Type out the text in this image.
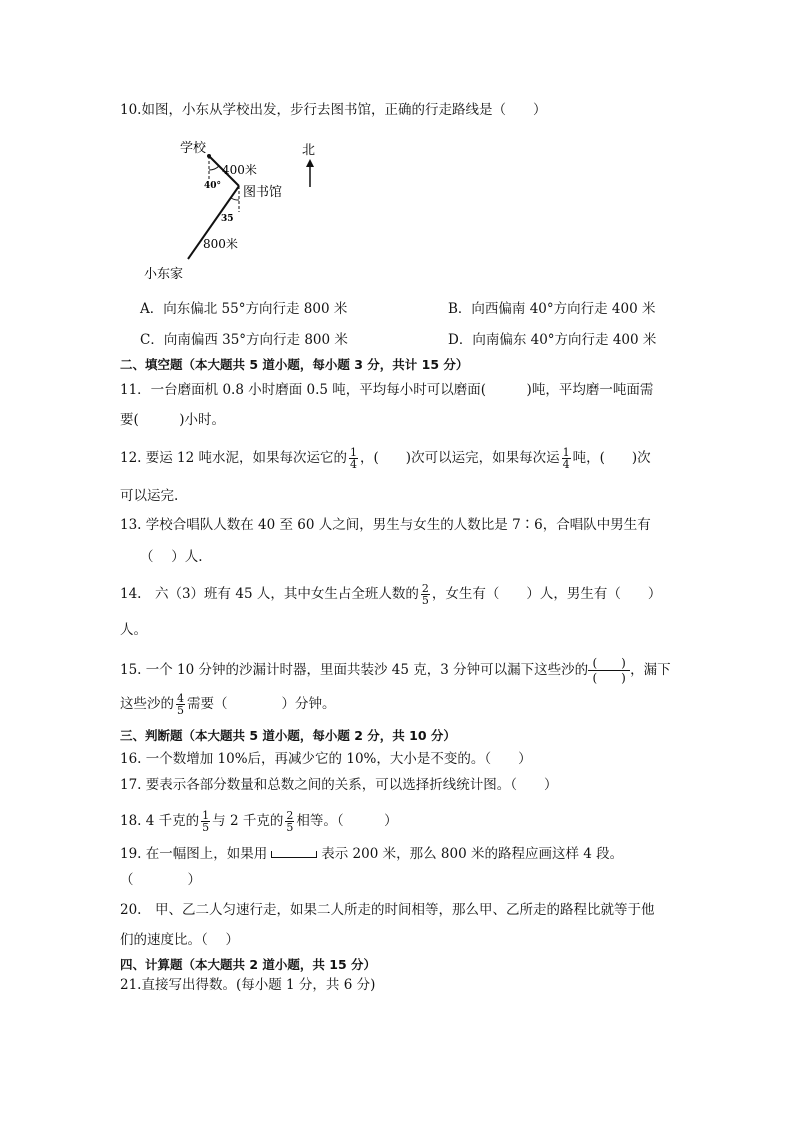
10.如图，小东从学校出发，步行去图书馆，正确的行走路线是（　　）
学校	北
400米
40° 图书馆
35
800米
小东家
A．向东偏北 55°方向行走 800 米	B．向西偏南 40°方向行走 400 米
C．向南偏西 35°方向行走 800 米	D．向南偏东 40°方向行走 400 米
二、填空题（本大题共 5 道小题，每小题 3 分，共计 15 分）
11．一台磨面机 0.8 小时磨面 0.5 吨，平均每小时可以磨面(　　　)吨，平均磨一吨面需
要(　　　)小时。
12. 要运 12 吨水泥，如果每次运它的 $\frac{1}{4}$ ，(　　)次可以运完，如果每次运 $\frac{1}{4}$ 吨，(　　)次
可以运完.
13. 学校合唱队人数在 40 至 60 人之间，男生与女生的人数比是 7∶6，合唱队中男生有
（　 ）人.
14.　六（3）班有 45 人，其中女生占全班人数的 $\frac{2}{5}$ ，女生有（　　）人，男生有（　　）
人。
15. 一个 10 分钟的沙漏计时器，里面共装沙 45 克，3 分钟可以漏下这些沙的 $\frac{( )}{( )}$，漏下
这些沙的 $\frac{4}{5}$ 需要（　　　　）分钟。
三、判断题（本大题共 5 道小题，每小题 2 分，共 10 分）
16. 一个数增加 10%后，再减少它的 10%，大小是不变的。（　　）
17. 要表示各部分数量和总数之间的关系，可以选择折线统计图。（　　）
18. 4 千克的 $\frac{1}{5}$ 与 2 千克的 $\frac{2}{5}$ 相等。（　　　）
19. 在一幅图上，如果用	表示 200 米，那么 800 米的路程应画这样 4 段。
（　　　　）
20.　甲、乙二人匀速行走，如果二人所走的时间相等，那么甲、乙所走的路程比就等于他
们的速度比。（　 ）
四、计算题（本大题共 2 道小题，共 15 分）
21.直接写出得数。(每小题 1 分，共 6 分)
